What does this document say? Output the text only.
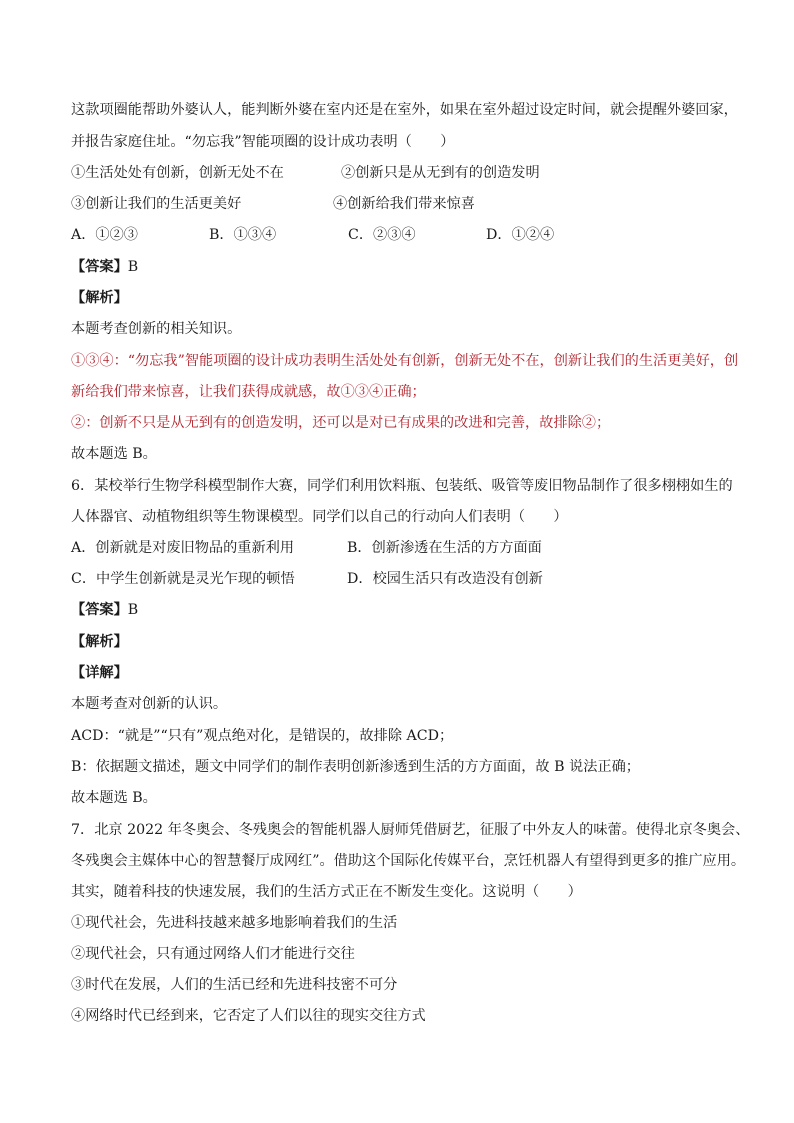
这款项圈能帮助外婆认人，能判断外婆在室内还是在室外，如果在室外超过设定时间，就会提醒外婆回家，
并报告家庭住址。“勿忘我”智能项圈的设计成功表明（　　）
①生活处处有创新，创新无处不在	②创新只是从无到有的创造发明
③创新让我们的生活更美好	④创新给我们带来惊喜
A．①②③	B．①③④	C．②③④	D．①②④
【答案】B
【解析】
本题考查创新的相关知识。
①③④：“勿忘我”智能项圈的设计成功表明生活处处有创新，创新无处不在，创新让我们的生活更美好，创
新给我们带来惊喜，让我们获得成就感，故①③④正确；
②：创新不只是从无到有的创造发明，还可以是对已有成果的改进和完善，故排除②；
故本题选 B。
6．某校举行生物学科模型制作大赛，同学们利用饮料瓶、包装纸、吸管等废旧物品制作了很多栩栩如生的
人体器官、动植物组织等生物课模型。同学们以自己的行动向人们表明（　　）
A．创新就是对废旧物品的重新利用	B．创新渗透在生活的方方面面
C．中学生创新就是灵光乍现的顿悟	D．校园生活只有改造没有创新
【答案】B
【解析】
【详解】
本题考查对创新的认识。
ACD：“就是”“只有”观点绝对化，是错误的，故排除 ACD；
B：依据题文描述，题文中同学们的制作表明创新渗透到生活的方方面面，故 B 说法正确；
故本题选 B。
7．北京 2022 年冬奥会、冬残奥会的智能机器人厨师凭借厨艺，征服了中外友人的味蕾。使得北京冬奥会、
冬残奥会主媒体中心的智慧餐厅成网红”。借助这个国际化传媒平台，烹饪机器人有望得到更多的推广应用。
其实，随着科技的快速发展，我们的生活方式正在不断发生变化。这说明（　　）
①现代社会，先进科技越来越多地影响着我们的生活
②现代社会，只有通过网络人们才能进行交往
③时代在发展，人们的生活已经和先进科技密不可分
④网络时代已经到来，它否定了人们以往的现实交往方式
